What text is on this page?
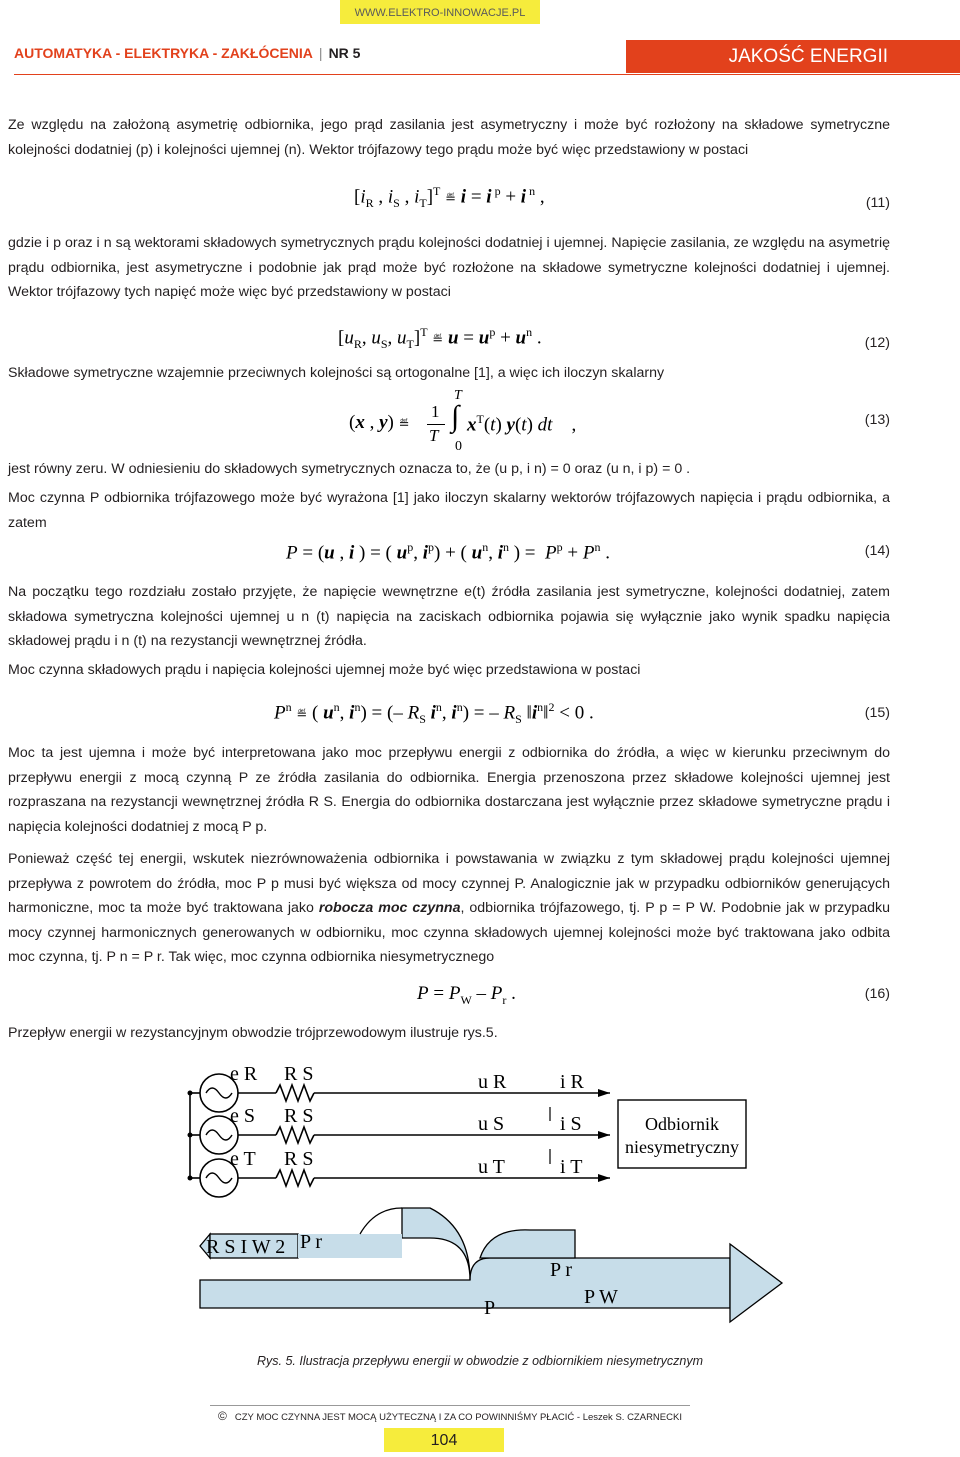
WWW.ELEKTRO-INNOWACJE.PL
AUTOMATYKA - ELEKTRYKA - ZAKŁÓCENIA | NR 5	JAKOŚĆ ENERGII
Ze względu na założoną asymetrię odbiornika, jego prąd zasilania jest asymetryczny i może być rozłożony na składowe symetryczne kolejności dodatniej (p) i kolejności ujemnej (n). Wektor trójfazowy tego prądu może być więc przedstawiony w postaci
[$i_R$ , $i_S$ , $i_T]^T$ ≝ i = i $^p$ + i $^n$ ,	(11)
gdzie i p oraz i n są wektorami składowych symetrycznych prądu kolejności dodatniej i ujemnej. Napięcie zasilania, ze względu na asymetrię prądu odbiornika, jest asymetryczne i podobnie jak prąd może być rozłożone na składowe symetryczne kolejności dodatniej i ujemnej. Wektor trójfazowy tych napięć może więc być przedstawiony w postaci
[$u_R$, $u_S$, $u_T]^T$ ≝ $u = u^p + u^n$ .	(12)
Składowe symetryczne wzajemnie przeciwnych kolejności są ortogonalne [1], a więc ich iloczyn skalarny
(x , y) ≝
1
T
T
∫
0
$x^T(t)$ y(t) dt    ,	(13)
jest równy zeru. W odniesieniu do składowych symetrycznych oznacza to, że (u p, i n) = 0 oraz (u n, i p) = 0 .
Moc czynna P odbiornika trójfazowego może być wyrażona [1] jako iloczyn skalarny wektorów trójfazowych napięcia i prądu odbiornika, a zatem
P = (u , i ) = ( $u^p$, $i^p$) + ( $u^n$, $i^n$ ) =  $P^p + P^n$ .	(14)
Na początku tego rozdziału zostało przyjęte, że napięcie wewnętrzne e(t) źródła zasilania jest symetryczne, kolejności dodatniej, zatem składowa symetryczna kolejności ujemnej u n (t) napięcia na zaciskach odbiornika pojawia się wyłącznie jako wynik spadku napięcia składowej prądu i n (t) na rezystancji wewnętrznej źródła.
Moc czynna składowych prądu i napięcia kolejności ujemnej może być więc przedstawiona w postaci
$P^n$ ≝ ( $u^n$, $i^n$) = (– $R_S$ $i^n$, $i^n$) = – $R_S$ $‖i^n‖^2 < 0$ .	(15)
Moc ta jest ujemna i może być interpretowana jako moc przepływu energii z odbiornika do źródła, a więc w kierunku przeciwnym do przepływu energii z mocą czynną P ze źródła zasilania do odbiornika. Energia przenoszona przez składowe kolejności ujemnej jest rozpraszana na rezystancji wewnętrznej źródła R S. Energia do odbiornika dostarczana jest wyłącznie przez składowe symetryczne prądu i napięcia kolejności dodatniej z mocą P p.
Ponieważ część tej energii, wskutek niezrównoważenia odbiornika i powstawania w związku z tym składowej prądu kolejności ujemnej przepływa z powrotem do źródła, moc P p musi być większa od mocy czynnej P. Analogicznie jak w przypadku odbiorników generujących harmoniczne, moc ta może być traktowana jako robocza moc czynna, odbiornika trójfazowego, tj. P p = P W. Podobnie jak w przypadku mocy czynnej harmonicznych generowanych w odbiorniku, moc czynna składowych ujemnej kolejności może być traktowana jako odbita moc czynna, tj. P n = P r. Tak więc, moc czynna odbiornika niesymetrycznego
$P = P_W - P_r$ .	(16)
Przepływ energii w rezystancyjnym obwodzie trójprzewodowym ilustruje rys.5.
Odbiornik
niesymetryczny
e R
e S
e T
R S
R S
R S
u R
u S
u T
i R
i S
i T
R S I W 2 P r
P r
P	P W
Rys. 5. Ilustracja przepływu energii w obwodzie z odbiornikiem niesymetrycznym
© CZY MOC CZYNNA JEST MOCĄ UŻYTECZNĄ I ZA CO POWINNIŚMY PŁACIĆ - Leszek S. CZARNECKI
104
